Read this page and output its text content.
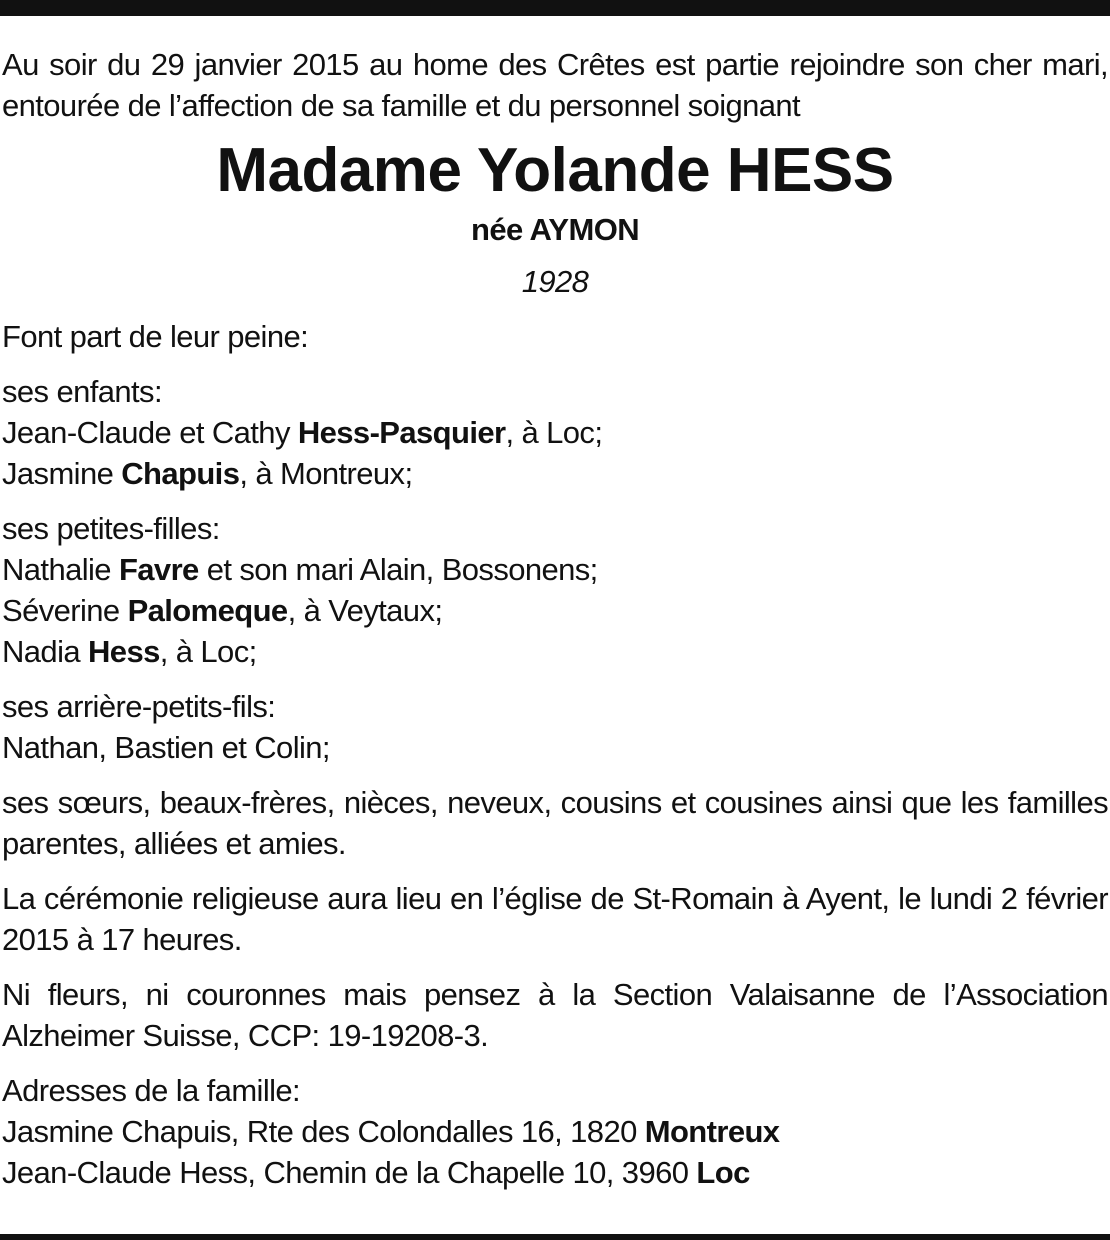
Au soir du 29 janvier 2015 au home des Crêtes est partie rejoindre son cher mari, entourée de l’affection de sa famille et du personnel soignant

Madame Yolande HESS

née AYMON

1928

Font part de leur peine:

ses enfants:
Jean-Claude et Cathy Hess-Pasquier, à Loc;
Jasmine Chapuis, à Montreux;

ses petites-filles:
Nathalie Favre et son mari Alain, Bossonens;
Séverine Palomeque, à Veytaux;
Nadia Hess, à Loc;

ses arrière-petits-fils:
Nathan, Bastien et Colin;

ses sœurs, beaux-frères, nièces, neveux, cousins et cousines ainsi que les familles parentes, alliées et amies.

La cérémonie religieuse aura lieu en l’église de St-Romain à Ayent, le lundi 2 février 2015 à 17 heures.

Ni fleurs, ni couronnes mais pensez à la Section Valaisanne de l’Association Alzheimer Suisse, CCP: 19-19208-3.

Adresses de la famille:
Jasmine Chapuis, Rte des Colondalles 16, 1820 Montreux
Jean-Claude Hess, Chemin de la Chapelle 10, 3960 Loc
